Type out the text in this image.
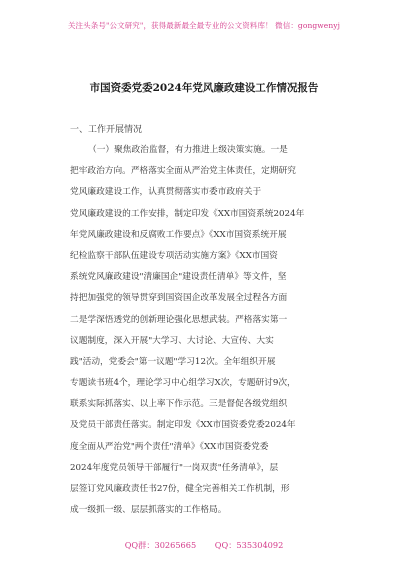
关注头条号"公文研究"，获得最新最全最专业的公文资料库！ 微信：gongwenyj
市国资委党委2024年党风廉政建设工作情况报告
一、工作开展情况
（一）聚焦政治监督，有力推进上级决策实施。一是
把牢政治方向。严格落实全面从严治党主体责任，定期研究
党风廉政建设工作，认真贯彻落实市委市政府关于
党风廉政建设的工作安排，制定印发《XX市国资系统2024年
年党风廉政建设和反腐败工作要点》《XX市国资系统开展
纪检监察干部队伍建设专项活动实施方案》《XX市国资
系统党风廉政建设"清廉国企"建设责任清单》等文件，坚
持把加强党的领导贯穿到国资国企改革发展全过程各方面
二是学深悟透党的创新理论强化思想武装。严格落实第一
议题制度，深入开展"大学习、大讨论、大宣传、大实
践"活动，党委会"第一议题"学习12次。全年组织开展
专题读书班4个，理论学习中心组学习X次，专题研讨9次，
联系实际抓落实、以上率下作示范。三是督促各级党组织
及党员干部责任落实。制定印发《XX市国资委党委2024年
度全面从严治党"两个责任"清单》《XX市国资委党委
2024年度党员领导干部履行"一岗双责"任务清单》，层
层签订党风廉政责任书27份，健全完善相关工作机制，形
成一级抓一级、层层抓落实的工作格局。
QQ群：30265665 QQ：535304092
